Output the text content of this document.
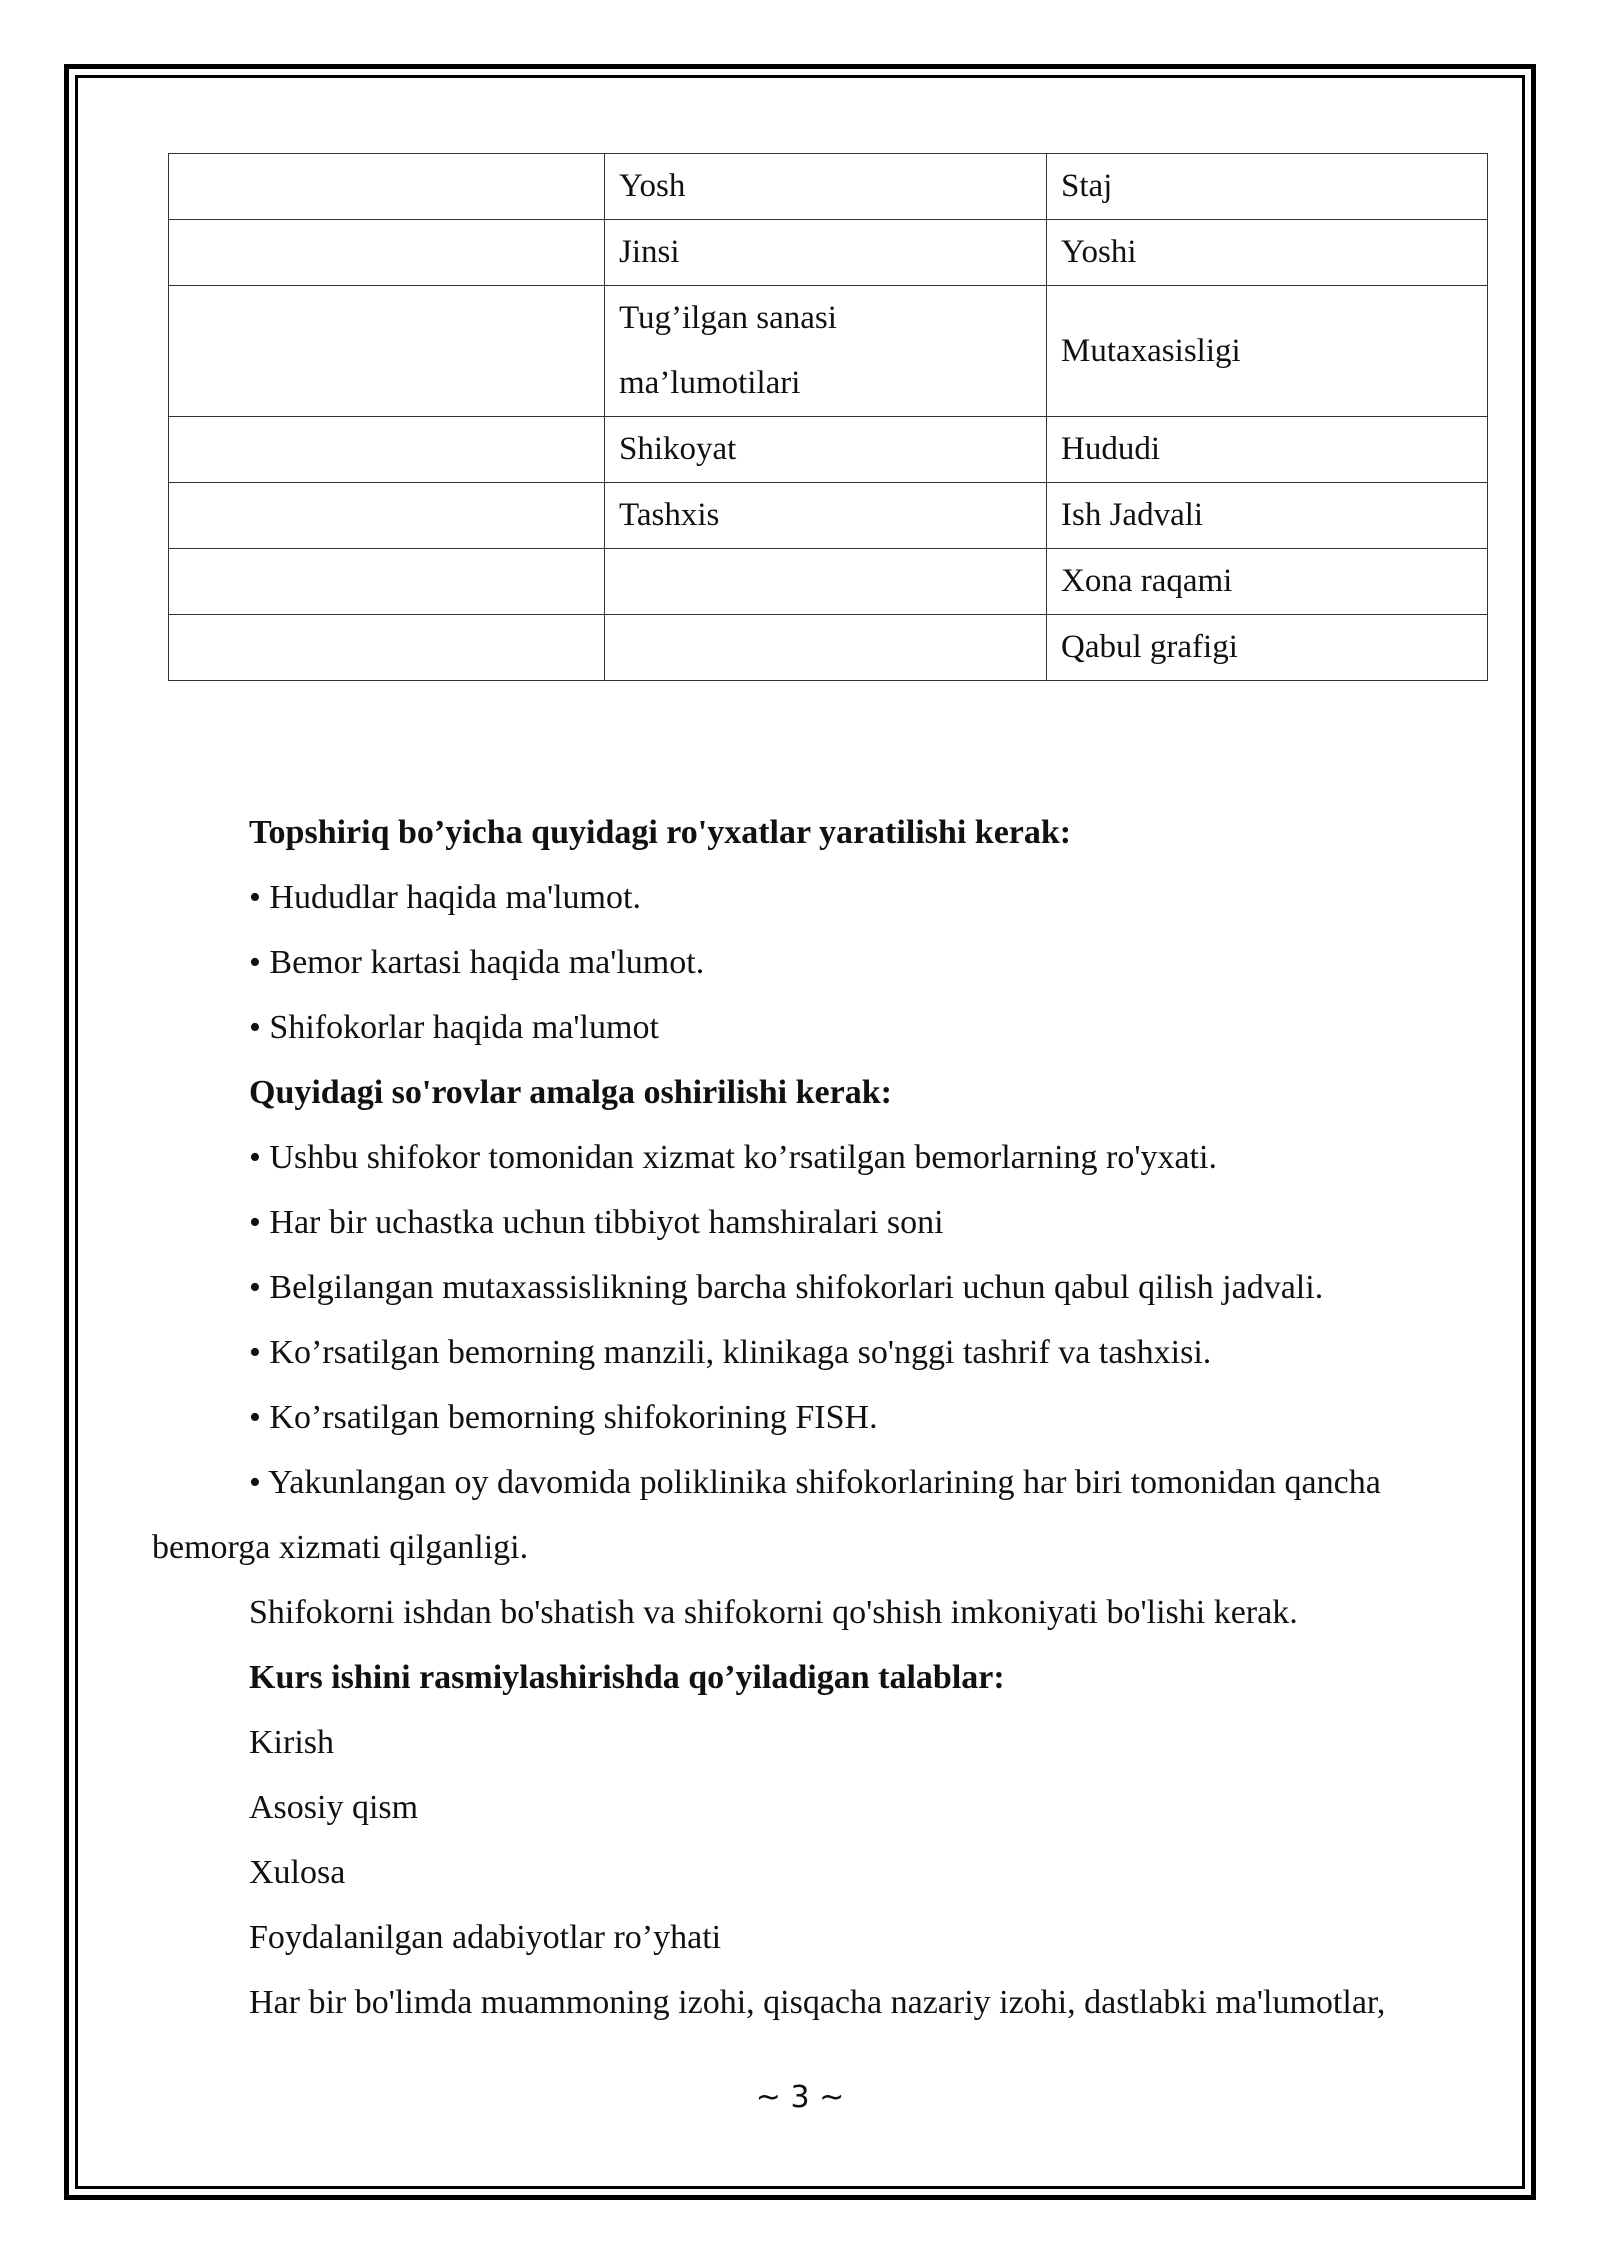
	Yosh	Staj
	Jinsi	Yoshi

	Tug’ilgan sanasi
ma’lumotilari	Mutaxasisligi
	Shikoyat	Hududi
	Tashxis	Ish Jadvali
		Xona raqami
		Qabul grafigi

Topshiriq bo’yicha quyidagi ro'yxatlar yaratilishi kerak:

• Hududlar haqida ma'lumot.

• Bemor kartasi haqida ma'lumot.

• Shifokorlar haqida ma'lumot

Quyidagi so'rovlar amalga oshirilishi kerak:

• Ushbu shifokor tomonidan xizmat ko’rsatilgan bemorlarning ro'yxati.

• Har bir uchastka uchun tibbiyot hamshiralari soni

• Belgilangan mutaxassislikning barcha shifokorlari uchun qabul qilish jadvali.

• Ko’rsatilgan bemorning manzili, klinikaga so'nggi tashrif va tashxisi.

• Ko’rsatilgan bemorning shifokorining FISH.

• Yakunlangan oy davomida poliklinika shifokorlarining har biri tomonidan qancha bemorga xizmati qilganligi.

Shifokorni ishdan bo'shatish va shifokorni qo'shish imkoniyati bo'lishi kerak.

Kurs ishini rasmiylashirishda qo’yiladigan talablar:

Kirish

Asosiy qism

Xulosa

Foydalanilgan adabiyotlar ro’yhati

Har bir bo'limda muammoning izohi, qisqacha nazariy izohi, dastlabki ma'lumotlar,

~ 3 ~
